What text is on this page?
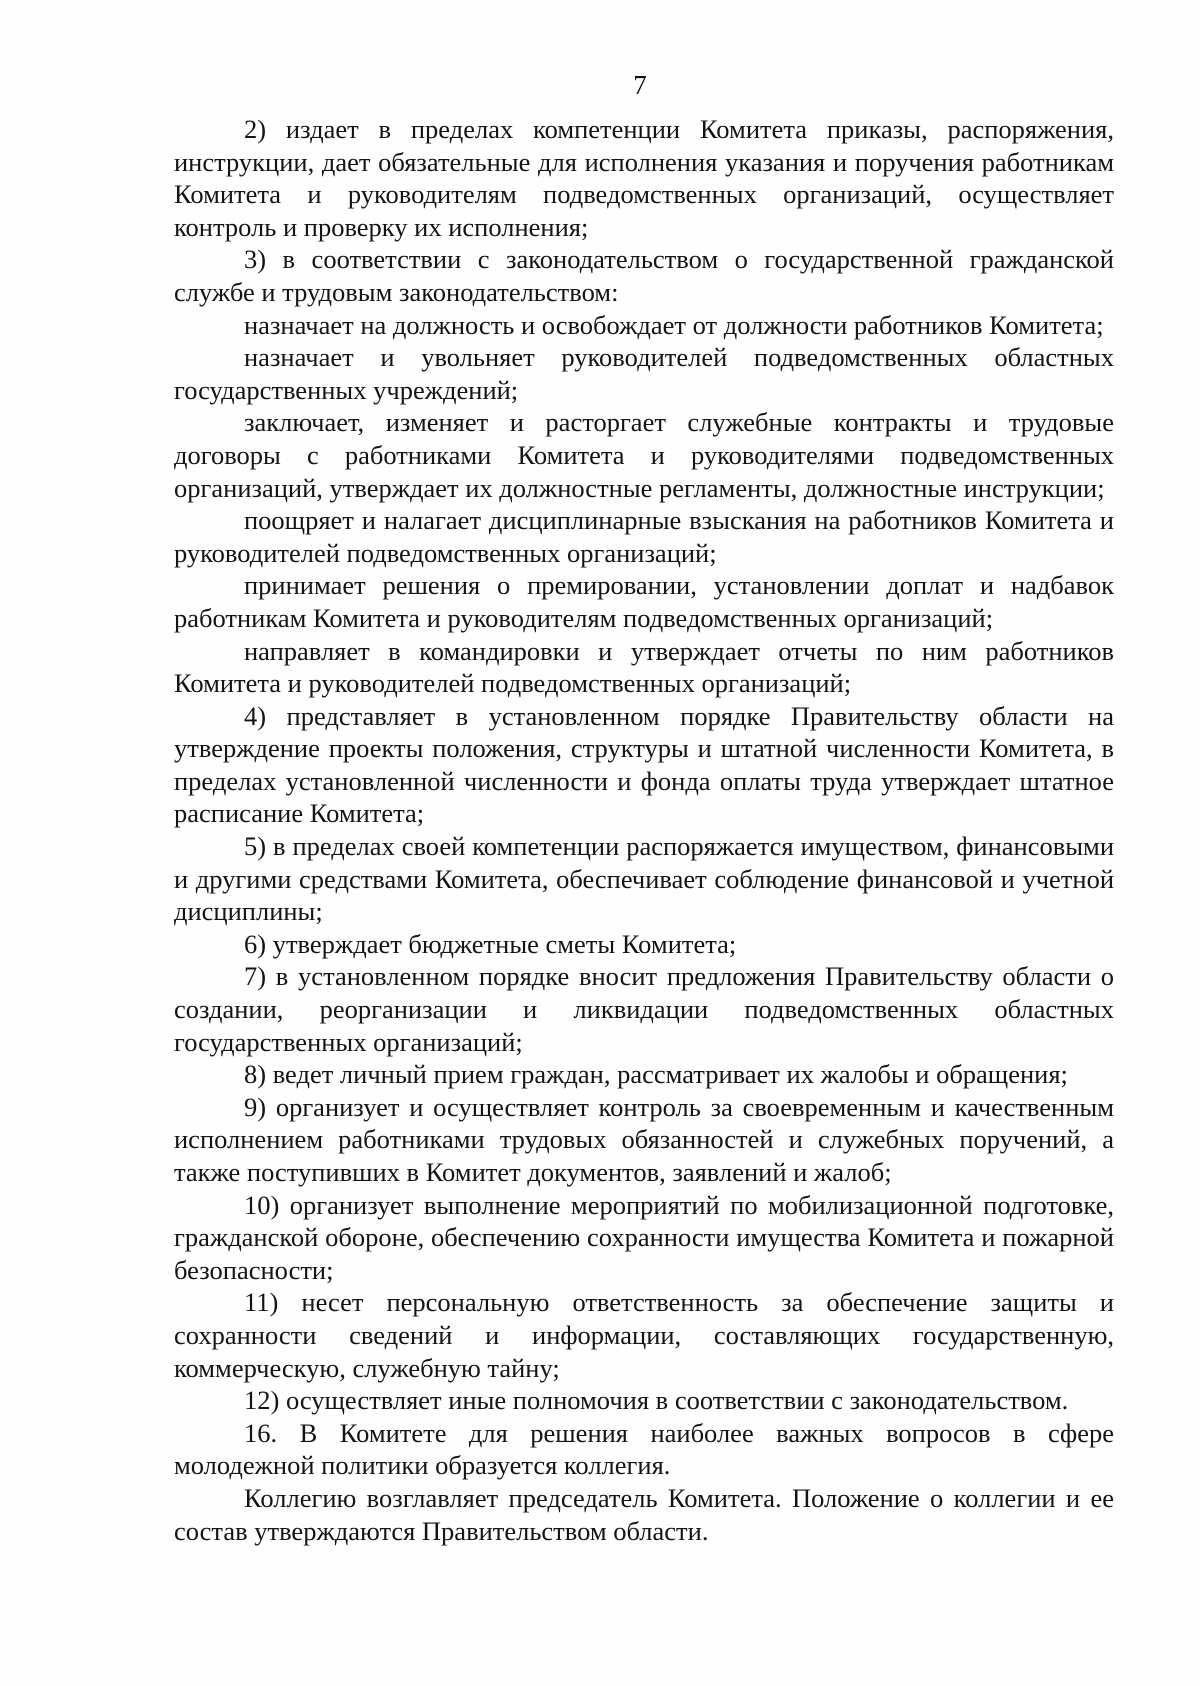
7

2) издает в пределах компетенции Комитета приказы, распоряжения, инструкции, дает обязательные для исполнения указания и поручения работникам Комитета и руководителям подведомственных организаций, осуществляет контроль и проверку их исполнения;

3) в соответствии с законодательством о государственной гражданской службе и трудовым законодательством:

назначает на должность и освобождает от должности работников Комитета;

назначает и увольняет руководителей подведомственных областных государственных учреждений;

заключает, изменяет и расторгает служебные контракты и трудовые договоры с работниками Комитета и руководителями подведомственных организаций, утверждает их должностные регламенты, должностные инструкции;

поощряет и налагает дисциплинарные взыскания на работников Комитета и руководителей подведомственных организаций;

принимает решения о премировании, установлении доплат и надбавок работникам Комитета и руководителям подведомственных организаций;

направляет в командировки и утверждает отчеты по ним работников Комитета и руководителей подведомственных организаций;

4) представляет в установленном порядке Правительству области на утверждение проекты положения, структуры и штатной численности Комитета, в пределах установленной численности и фонда оплаты труда утверждает штатное расписание Комитета;

5) в пределах своей компетенции распоряжается имуществом, финансовыми и другими средствами Комитета, обеспечивает соблюдение финансовой и учетной дисциплины;

6) утверждает бюджетные сметы Комитета;

7) в установленном порядке вносит предложения Правительству области о создании, реорганизации и ликвидации подведомственных областных государственных организаций;

8) ведет личный прием граждан, рассматривает их жалобы и обращения;

9) организует и осуществляет контроль за своевременным и качественным исполнением работниками трудовых обязанностей и служебных поручений, а также поступивших в Комитет документов, заявлений и жалоб;

10) организует выполнение мероприятий по мобилизационной подготовке, гражданской обороне, обеспечению сохранности имущества Комитета и пожарной безопасности;

11) несет персональную ответственность за обеспечение защиты и сохранности сведений и информации, составляющих государственную, коммерческую, служебную тайну;

12) осуществляет иные полномочия в соответствии с законодательством.

16. В Комитете для решения наиболее важных вопросов в сфере молодежной политики образуется коллегия.

Коллегию возглавляет председатель Комитета. Положение о коллегии и ее состав утверждаются Правительством области.
